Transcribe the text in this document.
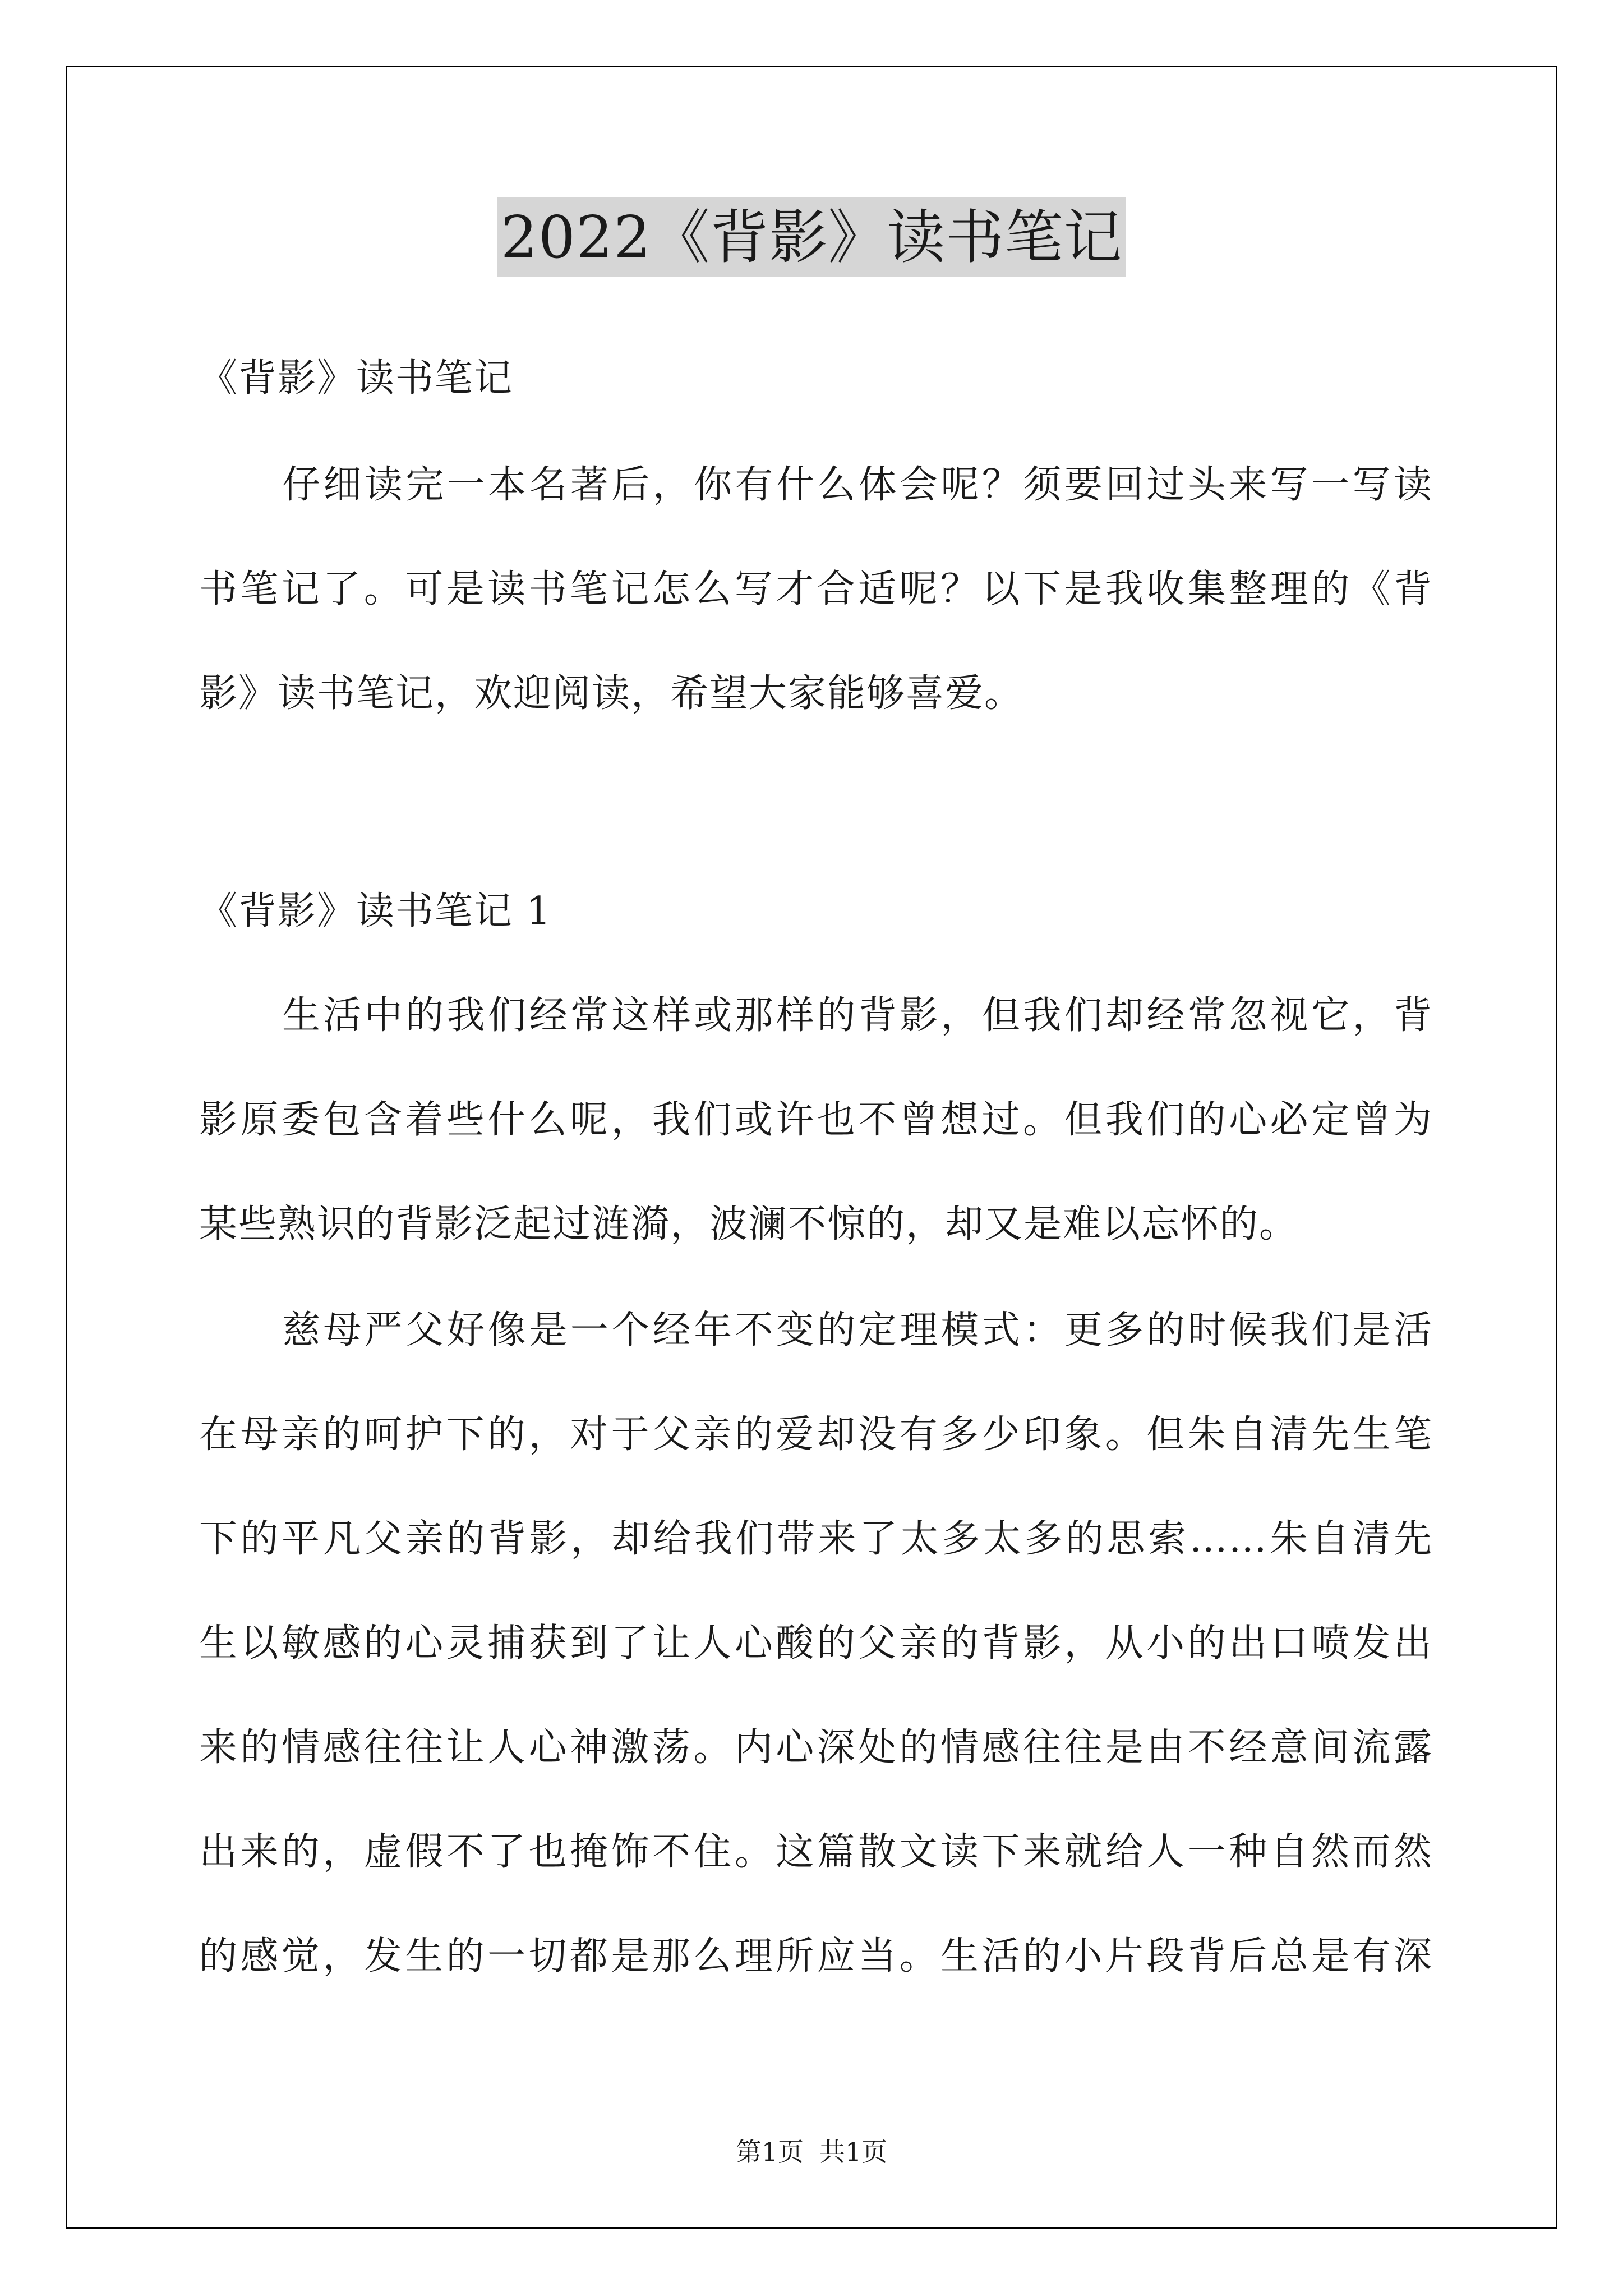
2022《背影》读书笔记
《背影》读书笔记
仔细读完一本名著后，你有什么体会呢？须要回过头来写一写读
书笔记了。可是读书笔记怎么写才合适呢？以下是我收集整理的《背
影》读书笔记，欢迎阅读，希望大家能够喜爱。
《背影》读书笔记 1
生活中的我们经常这样或那样的背影，但我们却经常忽视它，背
影原委包含着些什么呢，我们或许也不曾想过。但我们的心必定曾为
某些熟识的背影泛起过涟漪，波澜不惊的，却又是难以忘怀的。
慈母严父好像是一个经年不变的定理模式：更多的时候我们是活
在母亲的呵护下的，对于父亲的爱却没有多少印象。但朱自清先生笔
下的平凡父亲的背影，却给我们带来了太多太多的思索……朱自清先
生以敏感的心灵捕获到了让人心酸的父亲的背影，从小的出口喷发出
来的情感往往让人心神激荡。内心深处的情感往往是由不经意间流露
出来的，虚假不了也掩饰不住。这篇散文读下来就给人一种自然而然
的感觉，发生的一切都是那么理所应当。生活的小片段背后总是有深
第1页 共1页
